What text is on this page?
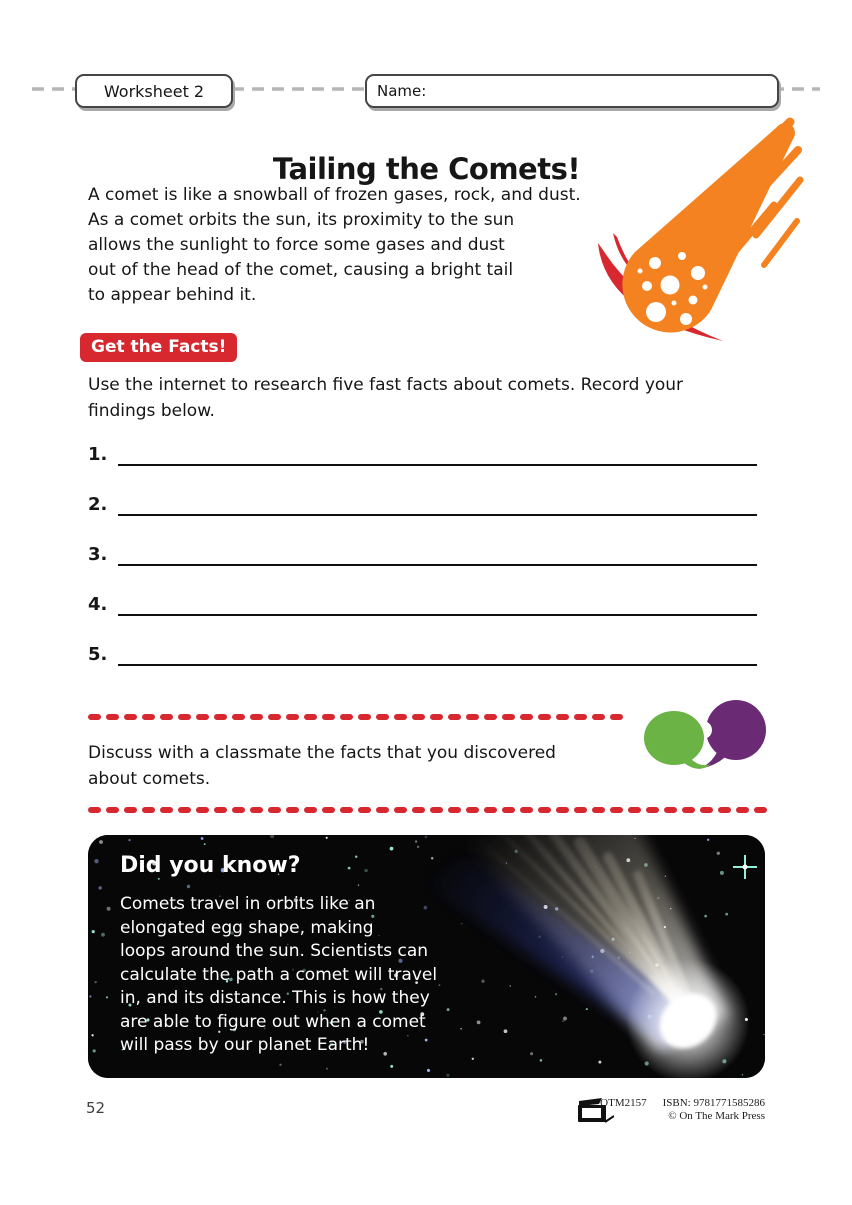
Worksheet 2	Name:
Tailing the Comets!
A comet is like a snowball of frozen gases, rock, and dust.
As a comet orbits the sun, its proximity to the sun
allows the sunlight to force some gases and dust
out of the head of the comet, causing a bright tail
to appear behind it.
Get the Facts!
Use the internet to research five fast facts about comets. Record your
findings below.
1.
2.
3.
4.
5.
Discuss with a classmate the facts that you discovered
about comets.
Did you know?
Comets travel in orbits like an
elongated egg shape, making
loops around the sun. Scientists can
calculate the path a comet will travel
in, and its distance. This is how they
are able to figure out when a comet
will pass by our planet Earth!
52	OTM2157 ISBN: 9781771585286
© On The Mark Press
